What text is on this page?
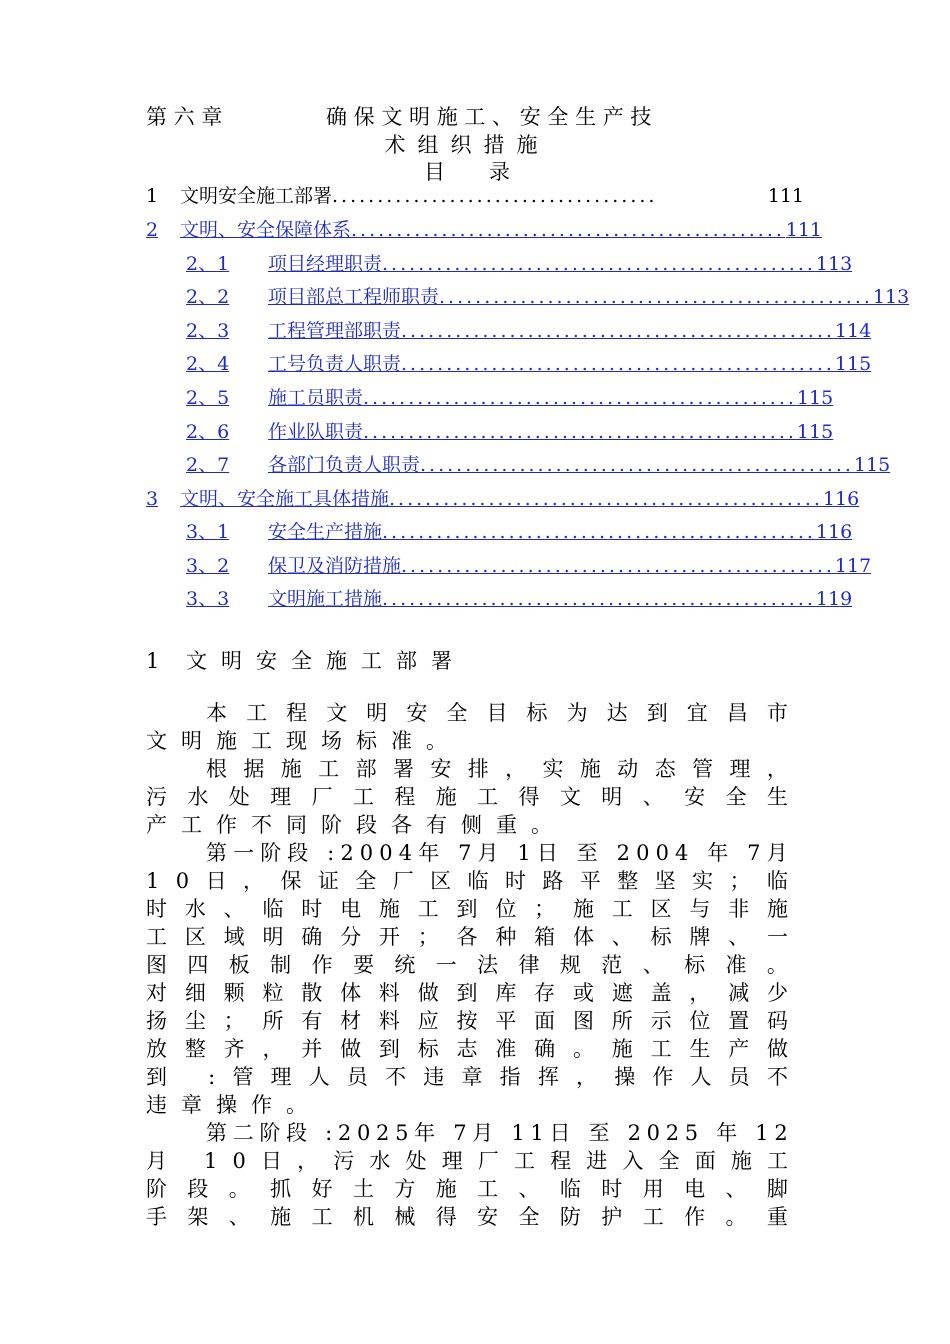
第 六 章	确 保 文 明 施 工 、 安 全 生 产 技
术组织措施
目录
1	文明安全施工部署 ....................................	111
2	文明、安全保障体系 ................................................ 111
2、1	项目经理职责 ................................................ 113
2、2	项目部总工程师职责 ................................................ 113
2、3	工程管理部职责 ................................................ 114
2、4	工号负责人职责 ................................................ 115
2、5	施工员职责 ................................................ 115
2、6	作业队职责 ................................................ 115
2、7	各部门负责人职责 ................................................ 115
3	文明、安全施工具体措施 ................................................ 116
3、1	安全生产措施 ................................................ 116
3、2	保卫及消防措施 ................................................ 117
3、3	文明施工措施 ................................................ 119
1 文明安全施工部署
本 工 程 文 明 安 全 目 标 为 达 到 宜 昌 市
文明施工现场标准。
根 据 施 工 部 署 安 排 ， 实 施 动 态 管 理 ，
污 水 处 理 厂 工 程 施 工 得 文 明 、 安 全 生
产工作不同阶段各有侧重。
第 一 阶 段
: 2 0 0 4 年
7 月
1 日
至
2 0 0 4
年
7 月
1 0 日 ， 保 证 全 厂 区 临 时 路 平 整 坚 实 ； 临
时 水 、 临 时 电 施 工 到 位 ； 施 工 区 与 非 施
工 区 域 明 确 分 开 ； 各 种 箱 体 、 标 牌 、 一
图 四 板 制 作 要 统 一 法 律 规 范 、 标 准 。
对 细 颗 粒 散 体 料 做 到 库 存 或 遮 盖 ， 减 少
扬 尘 ； 所 有 材 料 应 按 平 面 图 所 示 位 置 码
放 整 齐 ， 并 做 到 标 志 准 确 。 施 工 生 产 做
到
: 管 理 人 员 不 违 章 指 挥 ， 操 作 人 员 不
违章操作。
第 二 阶 段
: 2 0 2 5 年
7 月
1 1 日
至
2 0 2 5
年
1 2
月
1 0 日 ， 污 水 处 理 厂 工 程 进 入 全 面 施 工
阶 段 。 抓 好 土 方 施 工 、 临 时 用 电 、 脚
手 架 、 施 工 机 械 得 安 全 防 护 工 作 。 重
